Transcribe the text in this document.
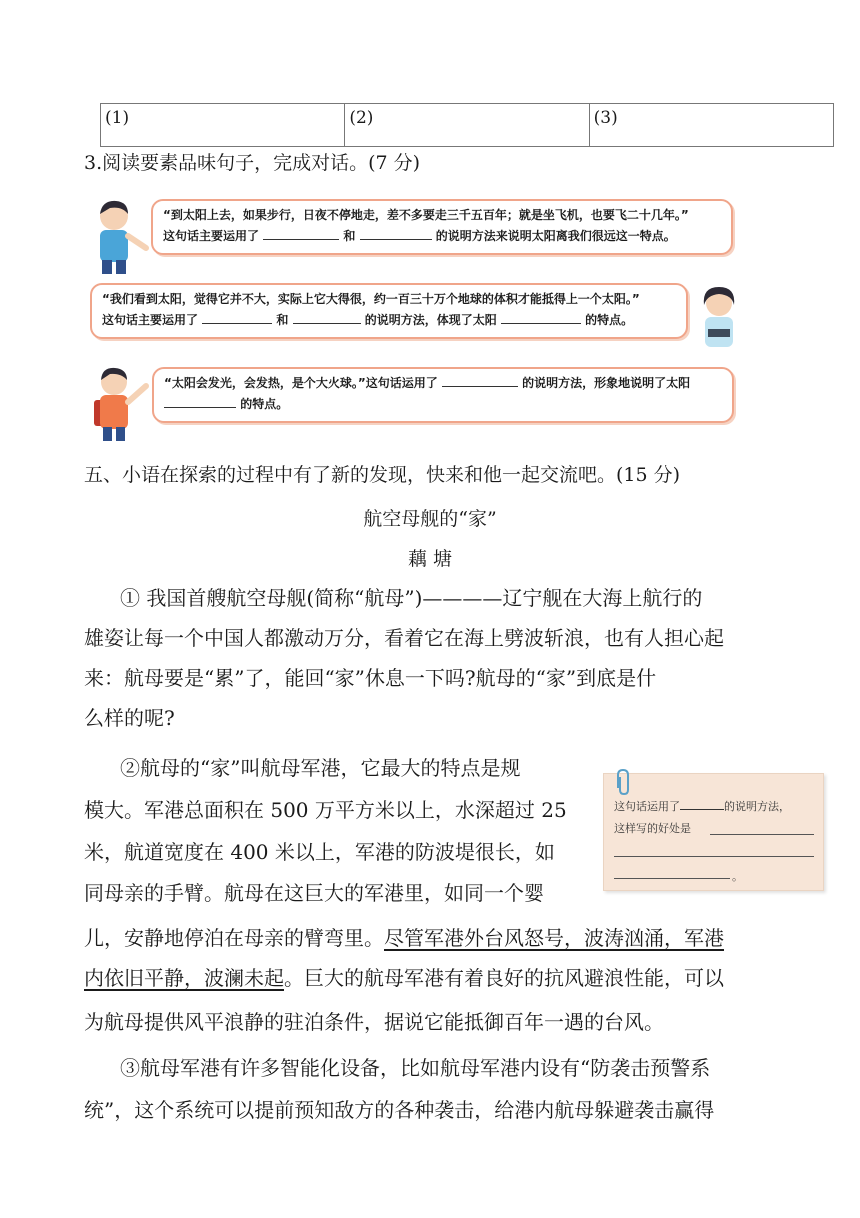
(1)	(2)	(3)
3.阅读要素品味句子，完成对话。(7 分)
“到太阳上去，如果步行，日夜不停地走，差不多要走三千五百年；就是坐飞机，也要飞二十几年。”
这句话主要运用了	和	的说明方法来说明太阳离我们很远这一特点。
“我们看到太阳，觉得它并不大，实际上它大得很，约一百三十万个地球的体积才能抵得上一个太阳。”
这句话主要运用了	和	的说明方法，体现了太阳	的特点。
“太阳会发光，会发热，是个大火球。”这句话运用了	的说明方法，形象地说明了太阳
的特点。
五、小语在探索的过程中有了新的发现，快来和他一起交流吧。(15 分)
航空母舰的“家”
藕 塘
① 我国首艘航空母舰(简称“航母”)————辽宁舰在大海上航行的
雄姿让每一个中国人都激动万分，看着它在海上劈波斩浪，也有人担心起
来：航母要是“累”了，能回“家”休息一下吗?航母的“家”到底是什
么样的呢?
②航母的“家”叫航母军港，它最大的特点是规
模大。军港总面积在 500 万平方米以上，水深超过 25
米，航道宽度在 400 米以上，军港的防波堤很长，如
同母亲的手臂。航母在这巨大的军港里，如同一个婴
儿，安静地停泊在母亲的臂弯里。尽管军港外台风怒号，波涛汹涌，军港
内依旧平静，波澜未起。巨大的航母军港有着良好的抗风避浪性能，可以
为航母提供风平浪静的驻泊条件，据说它能抵御百年一遇的台风。
③航母军港有许多智能化设备，比如航母军港内设有“防袭击预警系
统”，这个系统可以提前预知敌方的各种袭击，给港内航母躲避袭击赢得
这句话运用了	的说明方法，
这样写的好处是
。
